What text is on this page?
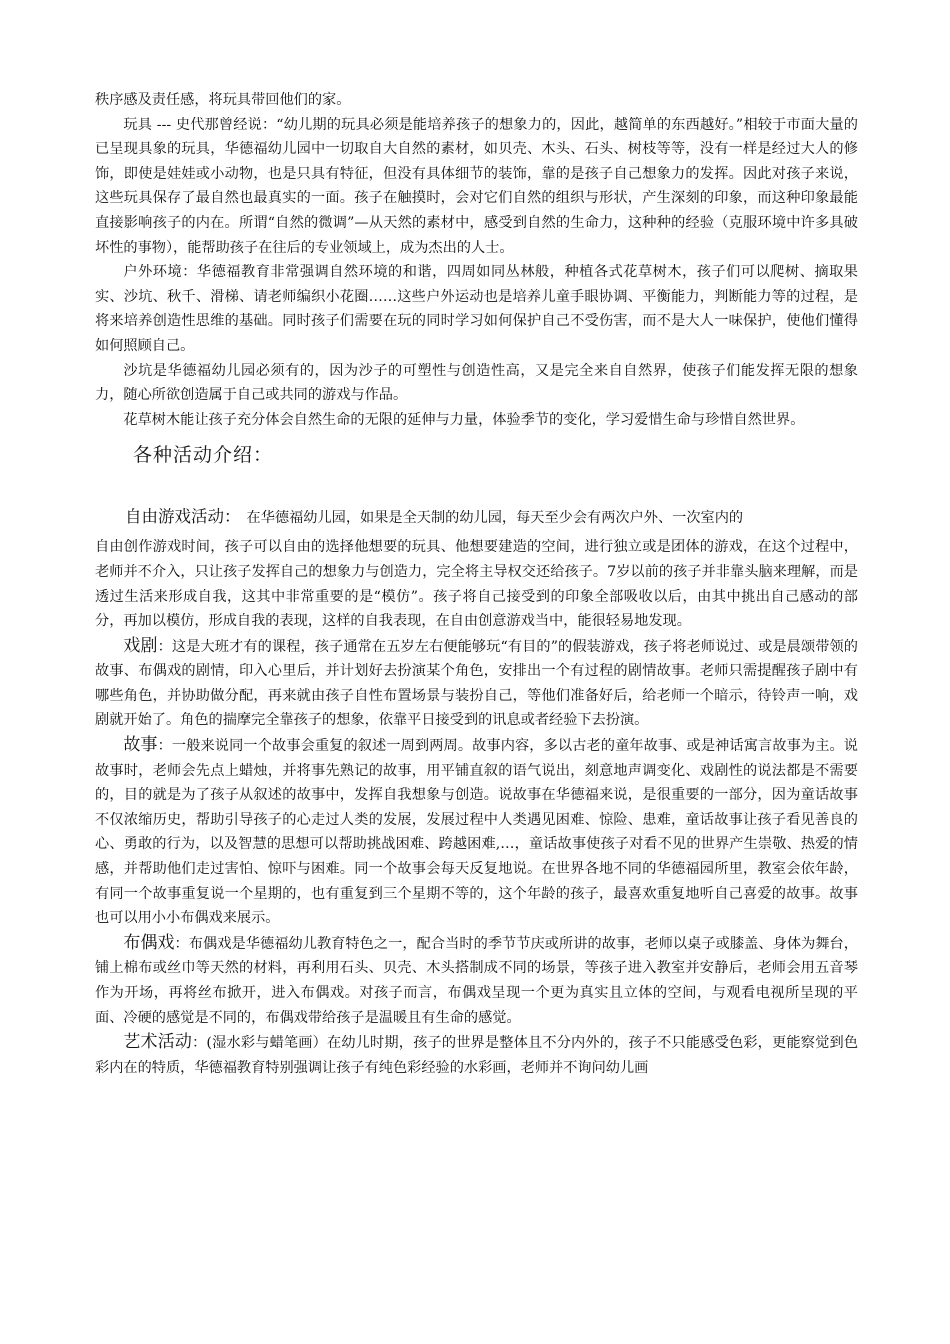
秩序感及责任感，将玩具带回他们的家。

玩具 --- 史代那曾经说：“幼儿期的玩具必须是能培养孩子的想象力的，因此，越简单的东西越好。”相较于市面大量的已呈现具象的玩具，华德福幼儿园中一切取自大自然的素材，如贝壳、木头、石头、树枝等等，没有一样是经过大人的修饰，即使是娃娃或小动物，也是只具有特征，但没有具体细节的装饰，靠的是孩子自己想象力的发挥。因此对孩子来说，这些玩具保存了最自然也最真实的一面。孩子在触摸时，会对它们自然的组织与形状，产生深刻的印象，而这种印象最能直接影响孩子的内在。所谓“自然的微调”—从天然的素材中，感受到自然的生命力，这种种的经验（克服环境中许多具破坏性的事物），能帮助孩子在往后的专业领域上，成为杰出的人士。

户外环境：华德福教育非常强调自然环境的和谐，四周如同丛林般，种植各式花草树木，孩子们可以爬树、摘取果实、沙坑、秋千、滑梯、请老师编织小花圈……这些户外运动也是培养儿童手眼协调、平衡能力，判断能力等的过程，是将来培养创造性思维的基础。同时孩子们需要在玩的同时学习如何保护自己不受伤害，而不是大人一味保护，使他们懂得如何照顾自己。

沙坑是华德福幼儿园必须有的，因为沙子的可塑性与创造性高，又是完全来自自然界，使孩子们能发挥无限的想象力，随心所欲创造属于自己或共同的游戏与作品。

花草树木能让孩子充分体会自然生命的无限的延伸与力量，体验季节的变化，学习爱惜生命与珍惜自然世界。

各种活动介绍：

自由游戏活动： 在华德福幼儿园，如果是全天制的幼儿园，每天至少会有两次户外、一次室内的

自由创作游戏时间，孩子可以自由的选择他想要的玩具、他想要建造的空间，进行独立或是团体的游戏，在这个过程中，老师并不介入，只让孩子发挥自己的想象力与创造力，完全将主导权交还给孩子。7岁以前的孩子并非靠头脑来理解，而是透过生活来形成自我，这其中非常重要的是“模仿”。孩子将自己接受到的印象全部吸收以后，由其中挑出自己感动的部分，再加以模仿，形成自我的表现，这样的自我表现，在自由创意游戏当中，能很轻易地发现。

戏剧：这是大班才有的课程，孩子通常在五岁左右便能够玩“有目的”的假装游戏，孩子将老师说过、或是晨颂带领的故事、布偶戏的剧情，印入心里后，并计划好去扮演某个角色，安排出一个有过程的剧情故事。老师只需提醒孩子剧中有哪些角色，并协助做分配，再来就由孩子自性布置场景与装扮自己，等他们准备好后，给老师一个暗示，待铃声一响，戏剧就开始了。角色的揣摩完全靠孩子的想象，依靠平日接受到的讯息或者经验下去扮演。

故事：一般来说同一个故事会重复的叙述一周到两周。故事内容，多以古老的童年故事、或是神话寓言故事为主。说故事时，老师会先点上蜡烛，并将事先熟记的故事，用平铺直叙的语气说出，刻意地声调变化、戏剧性的说法都是不需要的，目的就是为了孩子从叙述的故事中，发挥自我想象与创造。说故事在华德福来说，是很重要的一部分，因为童话故事不仅浓缩历史，帮助引导孩子的心走过人类的发展，发展过程中人类遇见困难、惊险、患难，童话故事让孩子看见善良的心、勇敢的行为，以及智慧的思想可以帮助挑战困难、跨越困难,…，童话故事使孩子对看不见的世界产生崇敬、热爱的情感，并帮助他们走过害怕、惊吓与困难。同一个故事会每天反复地说。在世界各地不同的华德福园所里，教室会依年龄，有同一个故事重复说一个星期的，也有重复到三个星期不等的，这个年龄的孩子，最喜欢重复地听自己喜爱的故事。故事也可以用小小布偶戏来展示。

布偶戏：布偶戏是华德福幼儿教育特色之一，配合当时的季节节庆或所讲的故事，老师以桌子或膝盖、身体为舞台，铺上棉布或丝巾等天然的材料，再利用石头、贝壳、木头搭制成不同的场景，等孩子进入教室并安静后，老师会用五音琴作为开场，再将丝布掀开，进入布偶戏。对孩子而言，布偶戏呈现一个更为真实且立体的空间，与观看电视所呈现的平面、冷硬的感觉是不同的，布偶戏带给孩子是温暖且有生命的感觉。

艺术活动：(湿水彩与蜡笔画）在幼儿时期，孩子的世界是整体且不分内外的，孩子不只能感受色彩，更能察觉到色彩内在的特质，华德福教育特别强调让孩子有纯色彩经验的水彩画，老师并不询问幼儿画
